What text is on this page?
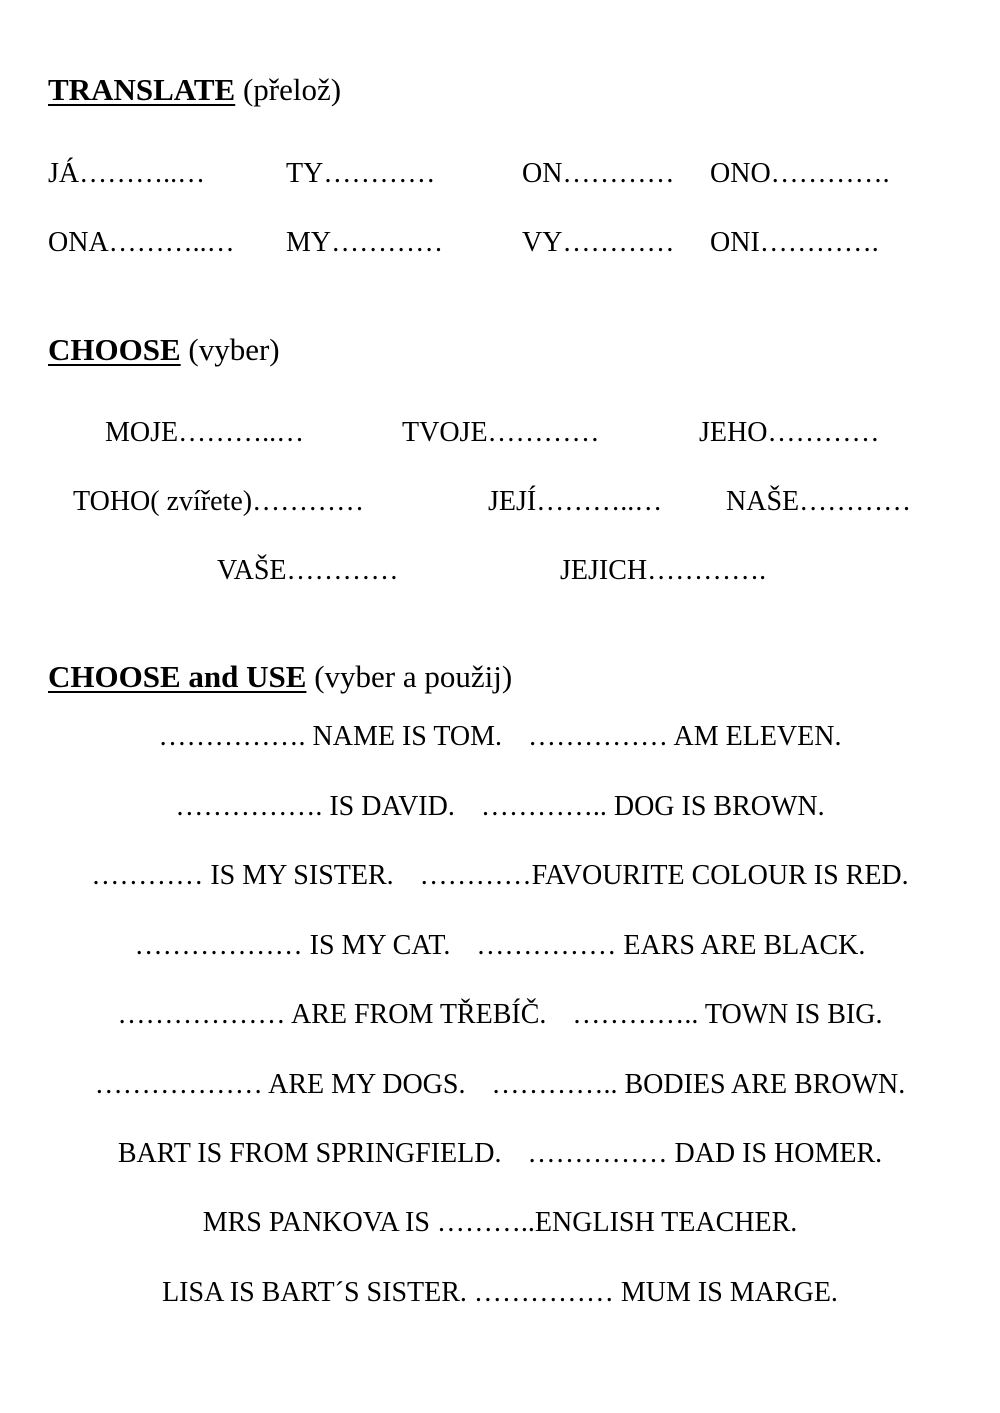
TRANSLATE (přelož)
JÁ………..…	TY…………	ON………… ONO………….
ONA………..… MY…………	VY………… ONI………….
CHOOSE (vyber)
MOJE………..…	TVOJE…………	JEHO…………
TOHO( zvířete)…………	JEJÍ………..… NAŠE…………
VAŠE…………	JEJICH………….
CHOOSE and USE (vyber a použij)
……………. NAME IS TOM. …………… AM ELEVEN.
……………. IS DAVID. ………….. DOG IS BROWN.
………… IS MY SISTER. …………FAVOURITE COLOUR IS RED.
……………… IS MY CAT. …………… EARS ARE BLACK.
……………… ARE FROM TŘEBÍČ. ………….. TOWN IS BIG.
……………… ARE MY DOGS. ………….. BODIES ARE BROWN.
BART IS FROM SPRINGFIELD. …………… DAD IS HOMER.
MRS PANKOVA IS ………..ENGLISH TEACHER.
LISA IS BART´S SISTER. …………… MUM IS MARGE.
